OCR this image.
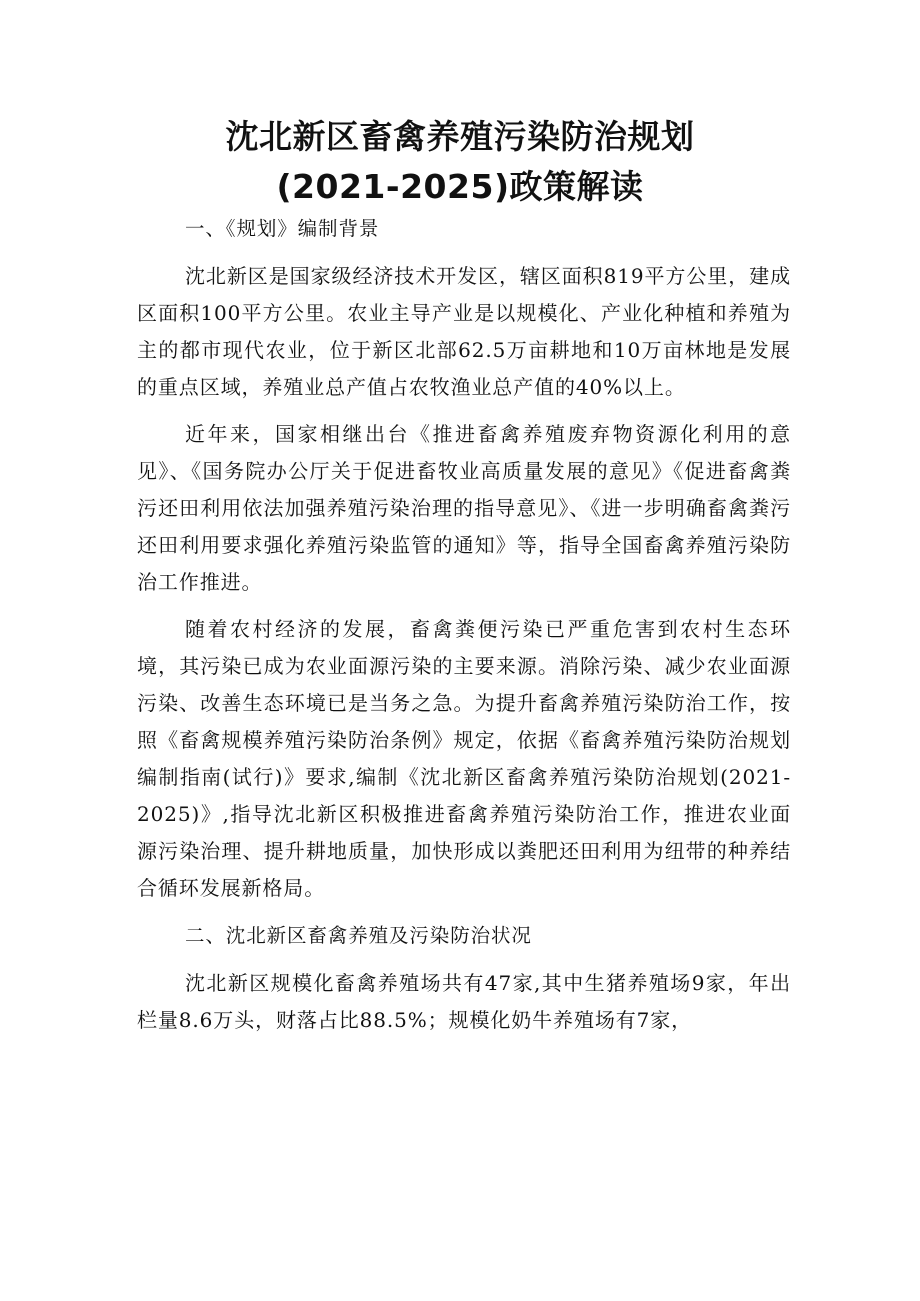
沈北新区畜禽养殖污染防治规划
(2021-2025)政策解读

一、《规划》编制背景

沈北新区是国家级经济技术开发区，辖区面积819平方公里，建成区面积100平方公里。农业主导产业是以规模化、产业化种植和养殖为主的都市现代农业，位于新区北部62.5万亩耕地和10万亩林地是发展的重点区域，养殖业总产值占农牧渔业总产值的40%以上。

近年来，国家相继出台《推进畜禽养殖废弃物资源化利用的意见》、《国务院办公厅关于促进畜牧业高质量发展的意见》《促进畜禽粪污还田利用依法加强养殖污染治理的指导意见》、《进一步明确畜禽粪污还田利用要求强化养殖污染监管的通知》等，指导全国畜禽养殖污染防治工作推进。

随着农村经济的发展，畜禽粪便污染已严重危害到农村生态环境，其污染已成为农业面源污染的主要来源。消除污染、减少农业面源污染、改善生态环境已是当务之急。为提升畜禽养殖污染防治工作，按照《畜禽规模养殖污染防治条例》规定，依据《畜禽养殖污染防治规划编制指南(试行)》要求,编制《沈北新区畜禽养殖污染防治规划(2021-2025)》,指导沈北新区积极推进畜禽养殖污染防治工作，推进农业面源污染治理、提升耕地质量，加快形成以粪肥还田利用为纽带的种养结合循环发展新格局。

二、沈北新区畜禽养殖及污染防治状况

沈北新区规模化畜禽养殖场共有47家,其中生猪养殖场9家，年出栏量8.6万头，财落占比88.5%；规模化奶牛养殖场有7家，
